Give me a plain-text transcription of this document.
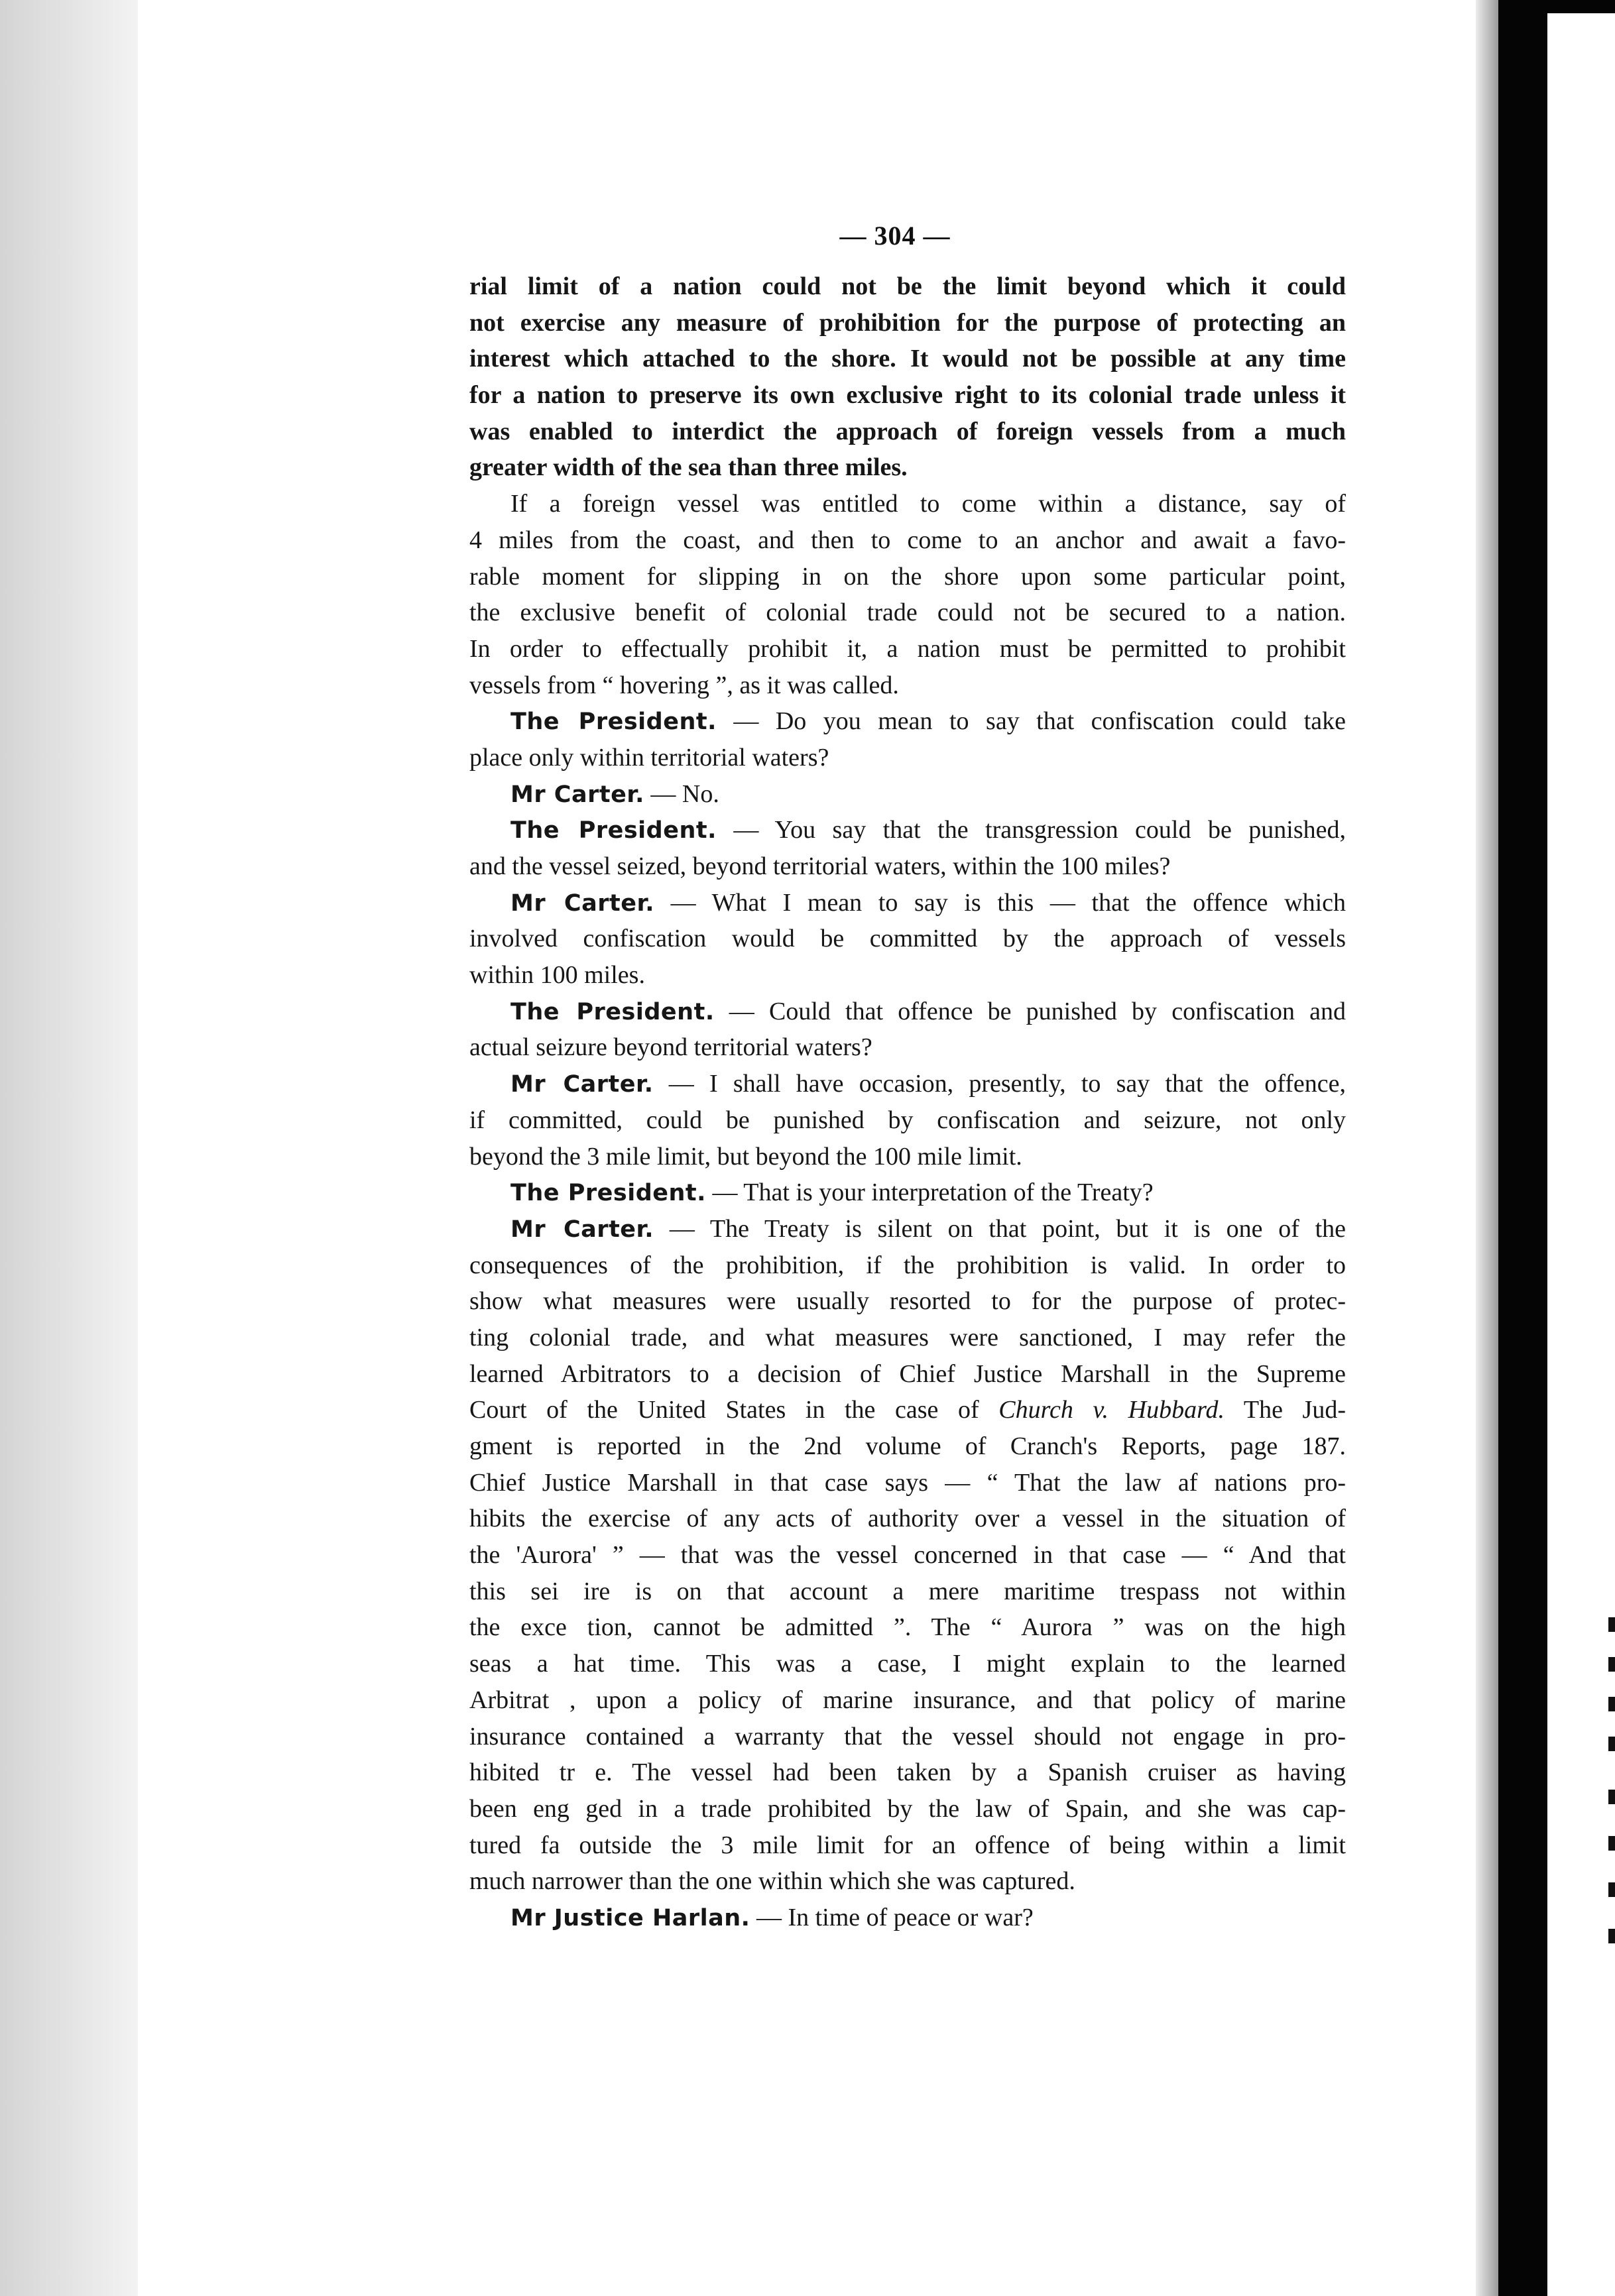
— 304 —
rial limit of a nation could not be the limit beyond which it could
not exercise any measure of prohibition for the purpose of protecting an
interest which attached to the shore. It would not be possible at any time
for a nation to preserve its own exclusive right to its colonial trade unless it
was enabled to interdict the approach of foreign vessels from a much
greater width of the sea than three miles.
If a foreign vessel was entitled to come within a distance, say of
4 miles from the coast, and then to come to an anchor and await a favo-
rable moment for slipping in on the shore upon some particular point,
the exclusive benefit of colonial trade could not be secured to a nation.
In order to effectually prohibit it, a nation must be permitted to prohibit
vessels from “ hovering ”, as it was called.
The President. — Do you mean to say that confiscation could take
place only within territorial waters?
Mr Carter. — No.
The President. — You say that the transgression could be punished,
and the vessel seized, beyond territorial waters, within the 100 miles?
Mr Carter. — What I mean to say is this — that the offence which
involved confiscation would be committed by the approach of vessels
within 100 miles.
The President. — Could that offence be punished by confiscation and
actual seizure beyond territorial waters?
Mr Carter. — I shall have occasion, presently, to say that the offence,
if committed, could be punished by confiscation and seizure, not only
beyond the 3 mile limit, but beyond the 100 mile limit.
The President. — That is your interpretation of the Treaty?
Mr Carter. — The Treaty is silent on that point, but it is one of the
consequences of the prohibition, if the prohibition is valid. In order to
show what measures were usually resorted to for the purpose of protec-
ting colonial trade, and what measures were sanctioned, I may refer the
learned Arbitrators to a decision of Chief Justice Marshall in the Supreme
Court of the United States in the case of Church v. Hubbard. The Jud-
gment is reported in the 2nd volume of Cranch's Reports, page 187.
Chief Justice Marshall in that case says — “ That the law af nations pro-
hibits the exercise of any acts of authority over a vessel in the situation of
the 'Aurora' ” — that was the vessel concerned in that case — “ And that
this sei ire is on that account a mere maritime trespass not within
the exce tion, cannot be admitted ”. The “ Aurora ” was on the high
seas a hat time. This was a case, I might explain to the learned
Arbitrat , upon a policy of marine insurance, and that policy of marine
insurance contained a warranty that the vessel should not engage in pro-
hibited tr e. The vessel had been taken by a Spanish cruiser as having
been eng ged in a trade prohibited by the law of Spain, and she was cap-
tured fa outside the 3 mile limit for an offence of being within a limit
much narrower than the one within which she was captured.
Mr Justice Harlan. — In time of peace or war?
